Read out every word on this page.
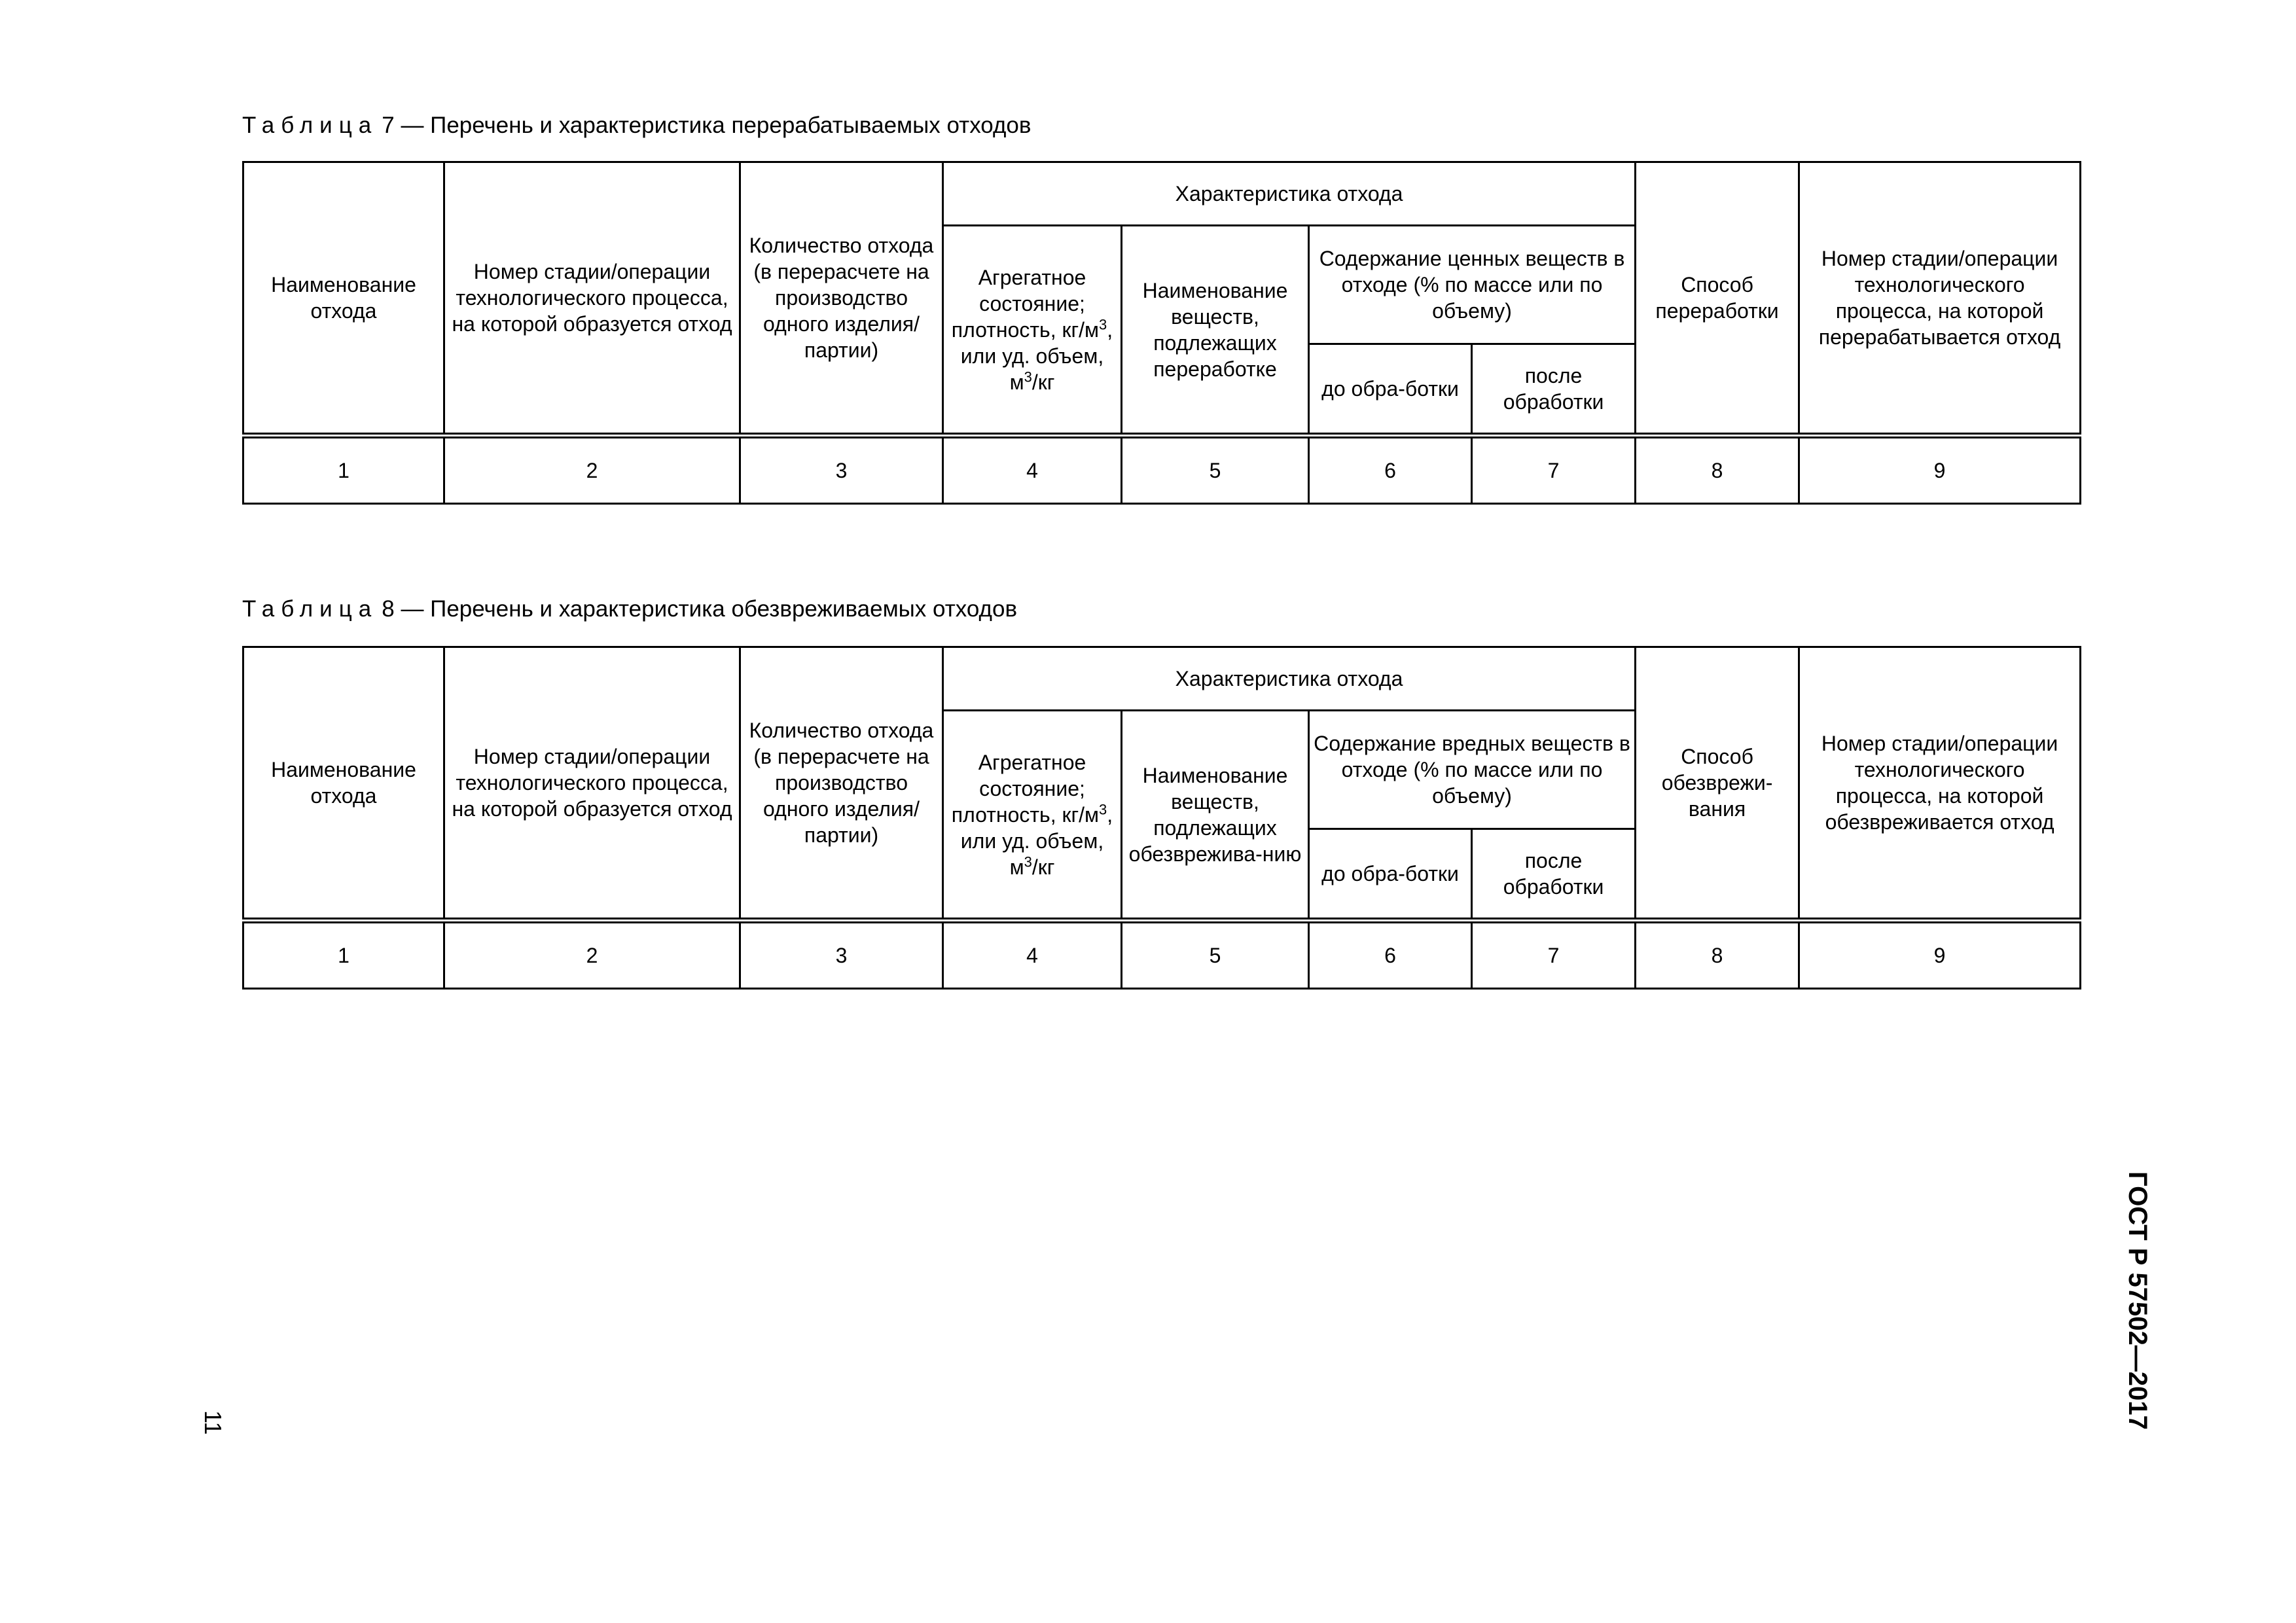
Таблица 7 — Перечень и характеристика перерабатываемых отходов
Наименование отхода	Номер стадии/операции технологического процесса, на которой образуется отход	Количество отхода (в перерасчете на производство одного изделия/партии)	Характеристика отхода				Способ переработки	Номер стадии/операции технологического процесса, на которой перерабатывается отход
			Агрегатное состояние; плотность, $кг/м^3$, или уд. объем, $м^3/кг$	Наименование веществ, подлежащих переработке	Содержание ценных веществ в отходе (% по массе или по объему)			
					до обра-ботки	после обработки		
1	2	3	4	5	6	7	8	9
Таблица 8 — Перечень и характеристика обезвреживаемых отходов
Наименование отхода	Номер стадии/операции технологического процесса, на которой образуется отход	Количество отхода (в перерасчете на производство одного изделия/партии)	Характеристика отхода				Способ обезврежи-вания	Номер стадии/операции технологического процесса, на которой обезвреживается отход
			Агрегатное состояние; плотность, $кг/м^3$, или уд. объем, $м^3/кг$	Наименование веществ, подлежащих обезврежива-нию	Содержание вредных веществ в отходе (% по массе или по объему)			
					до обра-ботки	после обработки		
1	2	3	4	5	6	7	8	9
ГОСТ Р 57502—2017
11
